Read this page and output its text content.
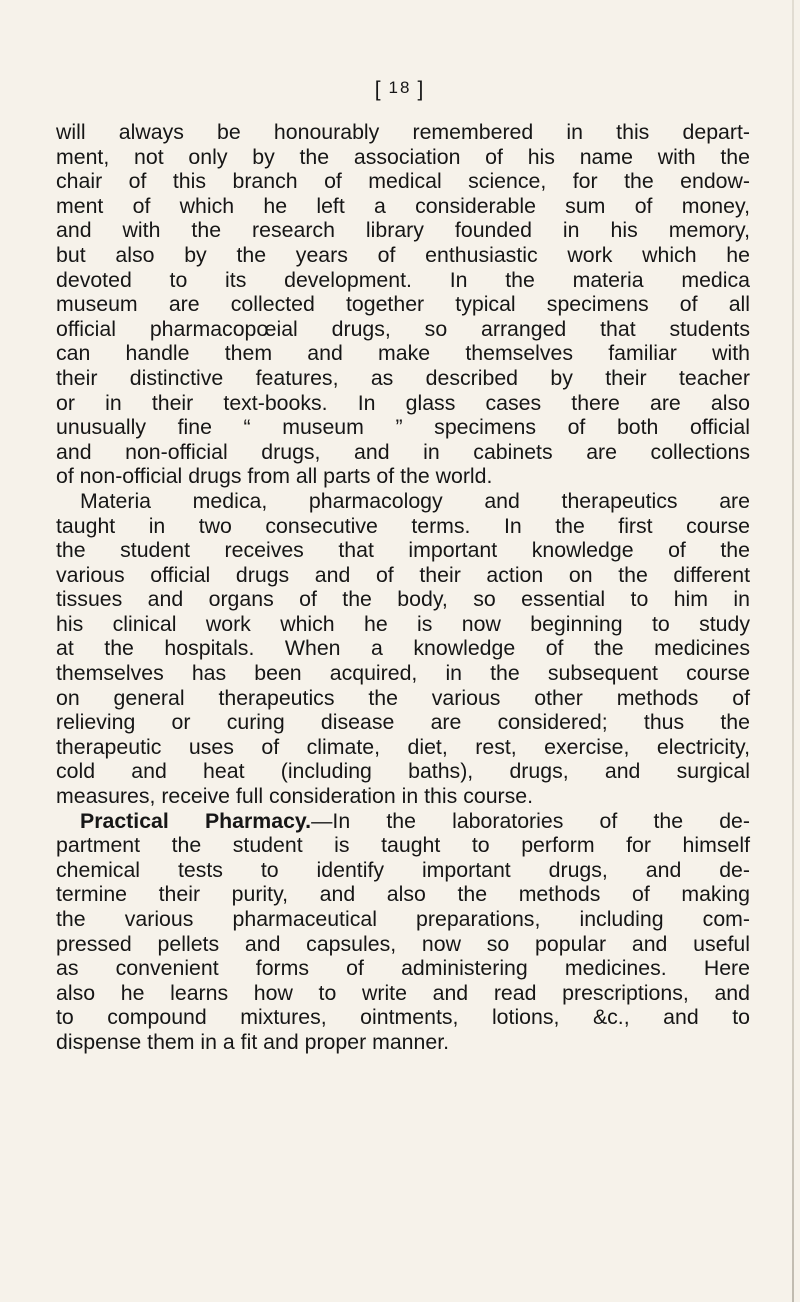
[ 18 ]
will always be honourably remembered in this depart-
ment, not only by the association of his name with the
chair of this branch of medical science, for the endow-
ment of which he left a considerable sum of money,
and with the research library founded in his memory,
but also by the years of enthusiastic work which he
devoted to its development. In the materia medica
museum are collected together typical specimens of all
official pharmacopœial drugs, so arranged that students
can handle them and make themselves familiar with
their distinctive features, as described by their teacher
or in their text-books. In glass cases there are also
unusually fine “ museum ” specimens of both official
and non-official drugs, and in cabinets are collections
of non-official drugs from all parts of the world.
Materia medica, pharmacology and therapeutics are
taught in two consecutive terms. In the first course
the student receives that important knowledge of the
various official drugs and of their action on the different
tissues and organs of the body, so essential to him in
his clinical work which he is now beginning to study
at the hospitals. When a knowledge of the medicines
themselves has been acquired, in the subsequent course
on general therapeutics the various other methods of
relieving or curing disease are considered; thus the
therapeutic uses of climate, diet, rest, exercise, electricity,
cold and heat (including baths), drugs, and surgical
measures, receive full consideration in this course.
Practical Pharmacy.—In the laboratories of the de-
partment the student is taught to perform for himself
chemical tests to identify important drugs, and de-
termine their purity, and also the methods of making
the various pharmaceutical preparations, including com-
pressed pellets and capsules, now so popular and useful
as convenient forms of administering medicines. Here
also he learns how to write and read prescriptions, and
to compound mixtures, ointments, lotions, &c., and to
dispense them in a fit and proper manner.
